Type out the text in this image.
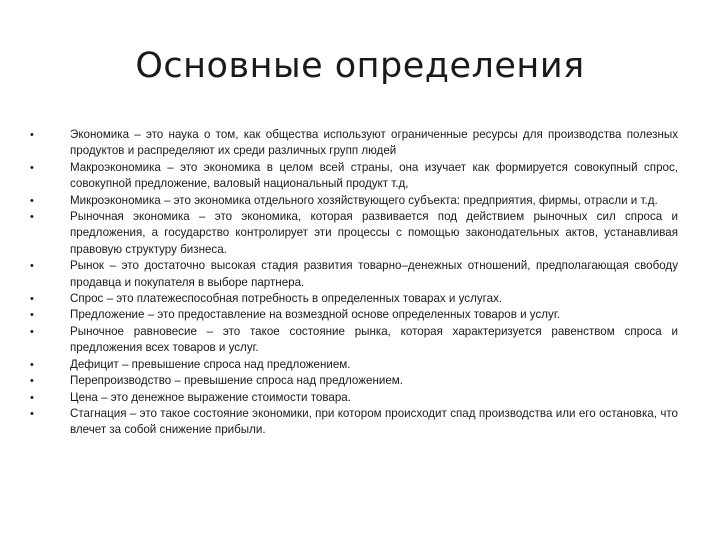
Основные определения
•	Экономика – это наука о том, как общества используют ограниченные ресурсы для производства полезных продуктов и распределяют их среди различных групп людей
•	Макроэкономика – это экономика в целом всей страны, она изучает как формируется совокупный спрос, совокупной предложение, валовый национальный продукт т.д,
•	Микроэкономика – это экономика отдельного хозяйствующего субъекта: предприятия, фирмы, отрасли и т.д.
•	Рыночная экономика – это экономика, которая развивается под действием рыночных сил спроса и предложения, а государство контролирует эти процессы с помощью законодательных актов, устанавливая правовую структуру бизнеса.
•	Рынок – это достаточно высокая стадия развития товарно–денежных отношений, предполагающая свободу продавца и покупателя в выборе партнера.
•	Спрос – это платежеспособная потребность в определенных товарах и услугах.
•	Предложение – это предоставление на возмездной основе определенных товаров и услуг.
•	Рыночное равновесие – это такое состояние рынка, которая характеризуется равенством спроса и предложения всех товаров и услуг.
•	Дефицит – превышение спроса над предложением.
•	Перепроизводство – превышение спроса над предложением.
•	Цена – это денежное выражение стоимости товара.
•	Стагнация – это такое состояние экономики, при котором происходит спад производства или его остановка, что влечет за собой снижение прибыли.
